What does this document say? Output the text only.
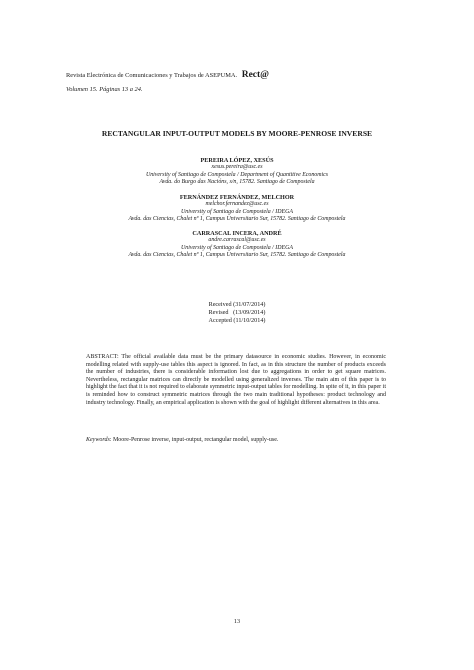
Revista Electrónica de Comunicaciones y Trabajos de ASEPUMA. Rect@
Volumen 15. Páginas 13 a 24.
RECTANGULAR INPUT-OUTPUT MODELS BY MOORE-PENROSE INVERSE
PEREIRA LÓPEZ, XESÚS
xesus.pereira@usc.es
University of Santiago de Compostela / Department of Quantitive Economics
Avda. do Burgo das Nacións, s/n, 15782. Santiago de Compostela
FERNÁNDEZ FERNÁNDEZ, MELCHOR
melchor.fernandez@usc.es
University of Santiago de Compostela / IDEGA
Avda. das Ciencias, Chalet nº 1, Campus Universitario Sur, 15782. Santiago de Compostela
CARRASCAL INCERA, ANDRÉ
andre.carrascal@usc.es
University of Santiago de Compostela / IDEGA
Avda. das Ciencias, Chalet nº 1, Campus Universitario Sur, 15782. Santiago de Compostela
Received (31/07/2014)
Revised   (13/09/2014)
Accepted (11/10/2014)
ABSTRACT: The official available data must be the primary datasource in economic studies. However, in economic modelling related with supply-use tables this aspect is ignored. In fact, as in this structure the number of products exceeds the number of industries, there is considerable information lost due to aggregations in order to get square matrices. Nevertheless, rectangular matrices can directly be modelled using generalized inverses. The main aim of this paper is to highlight the fact that it is not required to elaborate symmetric input-output tables for modelling. In spite of it, in this paper it is reminded how to construct symmetric matrices through the two main traditional hypotheses: product technology and industry technology. Finally, an empirical application is shown with the goal of highlight different alternatives in this area.
Keywords: Moore-Penrose inverse, input-output, rectangular model, supply-use.
13
